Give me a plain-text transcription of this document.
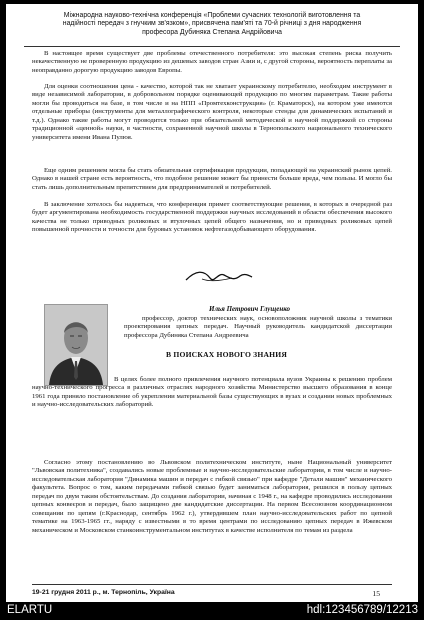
Міжнародна науково-технічна конференція «Проблеми сучасних технологій виготовлення та
надійності передач з гнучким зв'язком», присвячена пам'яті та 70-й річниці з дня народження
професора Дубиняка Степана Андрійовича

В настоящее время существует две проблемы отечественного потребителя: это высокая степень риска получить некачественную не проверенную продукцию из дешевых заводов стран Азии и, с другой стороны, вероятность переплаты за неоправданно дорогую продукцию заводов Европы.

Для оценки соотношения цена - качество, которой так не хватает украинскому потребителю, необходим инструмент в виде независимой лаборатории, в добровольном порядке оценивающей продукцию по многим параметрам. Такие работы могли бы проводиться на базе, в том числе и на НПП «Промтехконструкция» (г. Краматорск), на котором уже имеются отдельные приборы (инструменты для металлографического контроля, некоторые стенды для динамических испытаний и т.д.). Однако такие работы могут проводится только при обязательной методической и научной поддержкой со стороны традиционной «ценной» науки, в частности, сохраненной научной школы в Тернопольского национального технического университета имени Ивана Пулюя.

Еще одним решением могла бы стать обязательная сертификация продукции, попадающей на украинский рынок цепей. Однако в нашей стране есть вероятность, что подобное решение может бы принести больше вреда, чем пользы. И могло бы стать лишь дополнительным препятствием для предпринимателей и потребителей.

В заключение хотелось бы надеяться, что конференция примет соответствующие решения, в которых в очередной раз будет аргументирована необходимость государственной поддержки научных исследований в области обеспечения высокого качества не только приводных роликовых и втулочных цепей общего назначения, но и приводных роликовых цепей повышенной прочности и точности для буровых установок нефтегазодобывающего оборудования.

Илья Петрович Глущенко

профессор, доктор технических наук, основоположник научной школы з тематики проектирования цепных передач. Научный руководитель кандидатской диссертации профессора Дубиняка Степана Андреевича

В ПОИСКАХ НОВОГО ЗНАНИЯ

В целях более полного привлечения научного потенциала вузов Украины к решению проблем научно-технического прогресса в различных отраслях народного хозяйства Министерство высшего образования в конце 1961 года приняло постановление об укреплении материальной базы существующих в вузах и создании новых проблемных и научно-исследовательских лабораторий.

Согласно этому постановлению во Львовском политехническом институте, ныне Национальный университет "Львовская политехника", создавались новые проблемные и научно-исследовательские лаборатории, в том числе и научно-исследовательская лаборатория "Динамика машин и передач с гибкой связью" при кафедре "Детали машин" механического факультета. Вопрос о том, каким передачами гибкой связью будет заниматься лаборатория, решился в пользу цепных передач по двум таким обстоятельствам. До создания лаборатории, начиная с 1948 г., на кафедре проводились исследования цепных конвеєров и передач, было защищено две кандидатские диссертации. На первом Всесоюзном координационном совещании по цепям (г.Краснодар, сентябрь 1962 г.), утвердившем план научно-исследовательских работ по цепной тематике на 1963-1965 гг., наряду с известными в то время центрами по исследованию цепных передач в Ижевском механическом и Московском станкоинструментальном институтах в качестве исполнителя по темам из раздела

19-21 грудня 2011 р., м. Тернопіль, Україна	15
ELARTU	hdl:123456789/12213
